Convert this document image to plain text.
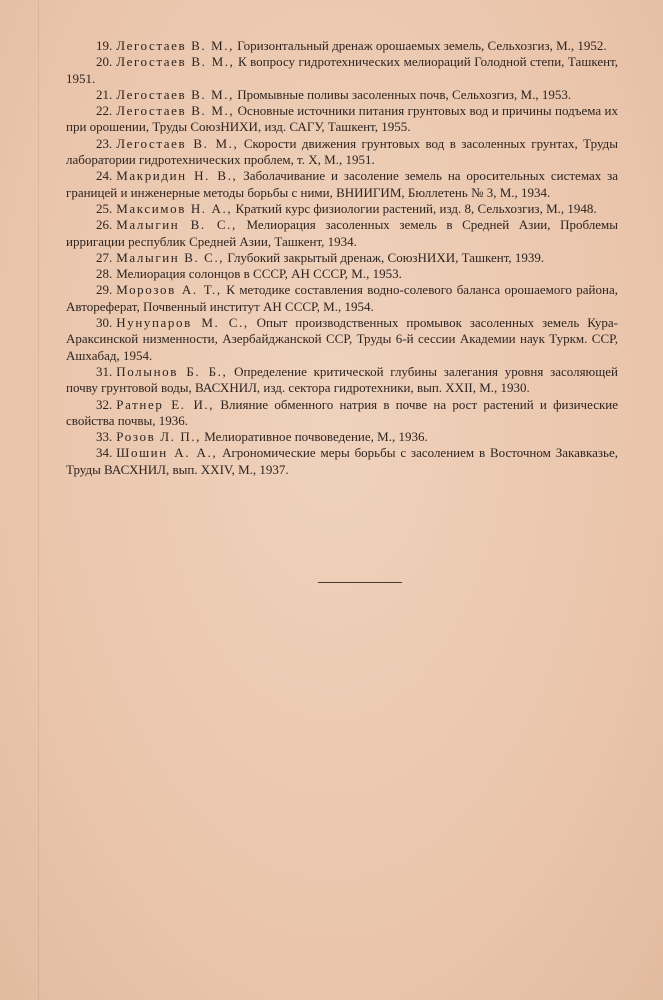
19. Легостаев В. М., Горизонтальный дренаж орошаемых земель, Сельхозгиз, М., 1952.
20. Легостаев В. М., К вопросу гидротехнических мелиораций Голодной степи, Ташкент, 1951.
21. Легостаев В. М., Промывные поливы засоленных почв, Сельхозгиз, М., 1953.
22. Легостаев В. М., Основные источники питания грунтовых вод и причины подъема их при орошении, Труды СоюзНИХИ, изд. САГУ, Ташкент, 1955.
23. Легостаев В. М., Скорости движения грунтовых вод в засоленных грунтах, Труды лаборатории гидротехнических проблем, т. X, М., 1951.
24. Макридин Н. В., Заболачивание и засоление земель на оросительных системах за границей и инженерные методы борьбы с ними, ВНИИГИМ, Бюллетень № 3, М., 1934.
25. Максимов Н. А., Краткий курс физиологии растений, изд. 8, Сельхозгиз, М., 1948.
26. Малыгин В. С., Мелиорация засоленных земель в Средней Азии, Проблемы ирригации республик Средней Азии, Ташкент, 1934.
27. Малыгин В. С., Глубокий закрытый дренаж, СоюзНИХИ, Ташкент, 1939.
28. Мелиорация солонцов в СССР, АН СССР, М., 1953.
29. Морозов А. Т., К методике составления водно-солевого баланса орошаемого района, Автореферат, Почвенный институт АН СССР, М., 1954.
30. Нунупаров М. С., Опыт производственных промывок засоленных земель Кура-Араксинской низменности, Азербайджанской ССР, Труды 6-й сессии Академии наук Туркм. ССР, Ашхабад, 1954.
31. Полынов Б. Б., Определение критической глубины залегания уровня засоляющей почву грунтовой воды, ВАСХНИЛ, изд. сектора гидротехники, вып. XXII, М., 1930.
32. Ратнер Е. И., Влияние обменного натрия в почве на рост растений и физические свойства почвы, 1936.
33. Розов Л. П., Мелиоративное почвоведение, М., 1936.
34. Шошин А. А., Агрономические меры борьбы с засолением в Восточном Закавказье, Труды ВАСХНИЛ, вып. XXIV, М., 1937.
